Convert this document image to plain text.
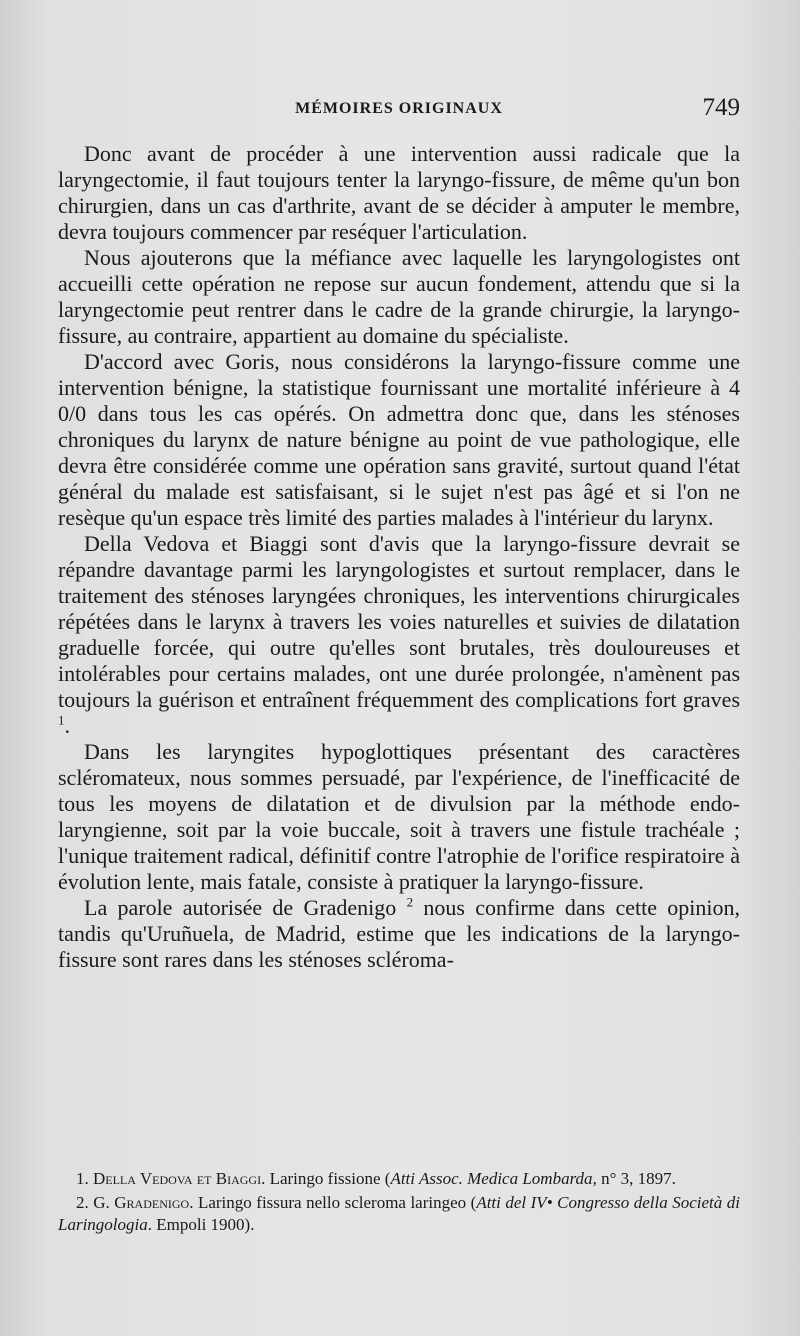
MÉMOIRES ORIGINAUX	749

Donc avant de procéder à une intervention aussi radicale que la laryngectomie, il faut toujours tenter la laryngo-fissure, de même qu'un bon chirurgien, dans un cas d'arthrite, avant de se décider à amputer le membre, devra toujours commencer par reséquer l'articulation.

Nous ajouterons que la méfiance avec laquelle les laryngologistes ont accueilli cette opération ne repose sur aucun fondement, attendu que si la laryngectomie peut rentrer dans le cadre de la grande chirurgie, la laryngo-fissure, au contraire, appartient au domaine du spécialiste.

D'accord avec Goris, nous considérons la laryngo-fissure comme une intervention bénigne, la statistique fournissant une mortalité inférieure à 4 0/0 dans tous les cas opérés. On admettra donc que, dans les sténoses chroniques du larynx de nature bénigne au point de vue pathologique, elle devra être considérée comme une opération sans gravité, surtout quand l'état général du malade est satisfaisant, si le sujet n'est pas âgé et si l'on ne resèque qu'un espace très limité des parties malades à l'intérieur du larynx.

Della Vedova et Biaggi sont d'avis que la laryngo-fissure devrait se répandre davantage parmi les laryngologistes et surtout remplacer, dans le traitement des sténoses laryngées chroniques, les interventions chirurgicales répétées dans le larynx à travers les voies naturelles et suivies de dilatation graduelle forcée, qui outre qu'elles sont brutales, très douloureuses et intolérables pour certains malades, ont une durée prolongée, n'amènent pas toujours la guérison et entraînent fréquemment des complications fort graves $^1$.

Dans les laryngites hypoglottiques présentant des caractères scléromateux, nous sommes persuadé, par l'expérience, de l'inefficacité de tous les moyens de dilatation et de divulsion par la méthode endo-laryngienne, soit par la voie buccale, soit à travers une fistule trachéale ; l'unique traitement radical, définitif contre l'atrophie de l'orifice respiratoire à évolution lente, mais fatale, consiste à pratiquer la laryngo-fissure.

La parole autorisée de Gradenigo $^2$ nous confirme dans cette opinion, tandis qu'Uruñuela, de Madrid, estime que les indications de la laryngo-fissure sont rares dans les sténoses scléroma-

1. Della Vedova et Biaggi. Laringo fissione (Atti Assoc. Medica Lombarda, n° 3, 1897.

2. G. Gradenigo. Laringo fissura nello scleroma laringeo (Atti del IV• Congresso della Società di Laringologia. Empoli 1900).
